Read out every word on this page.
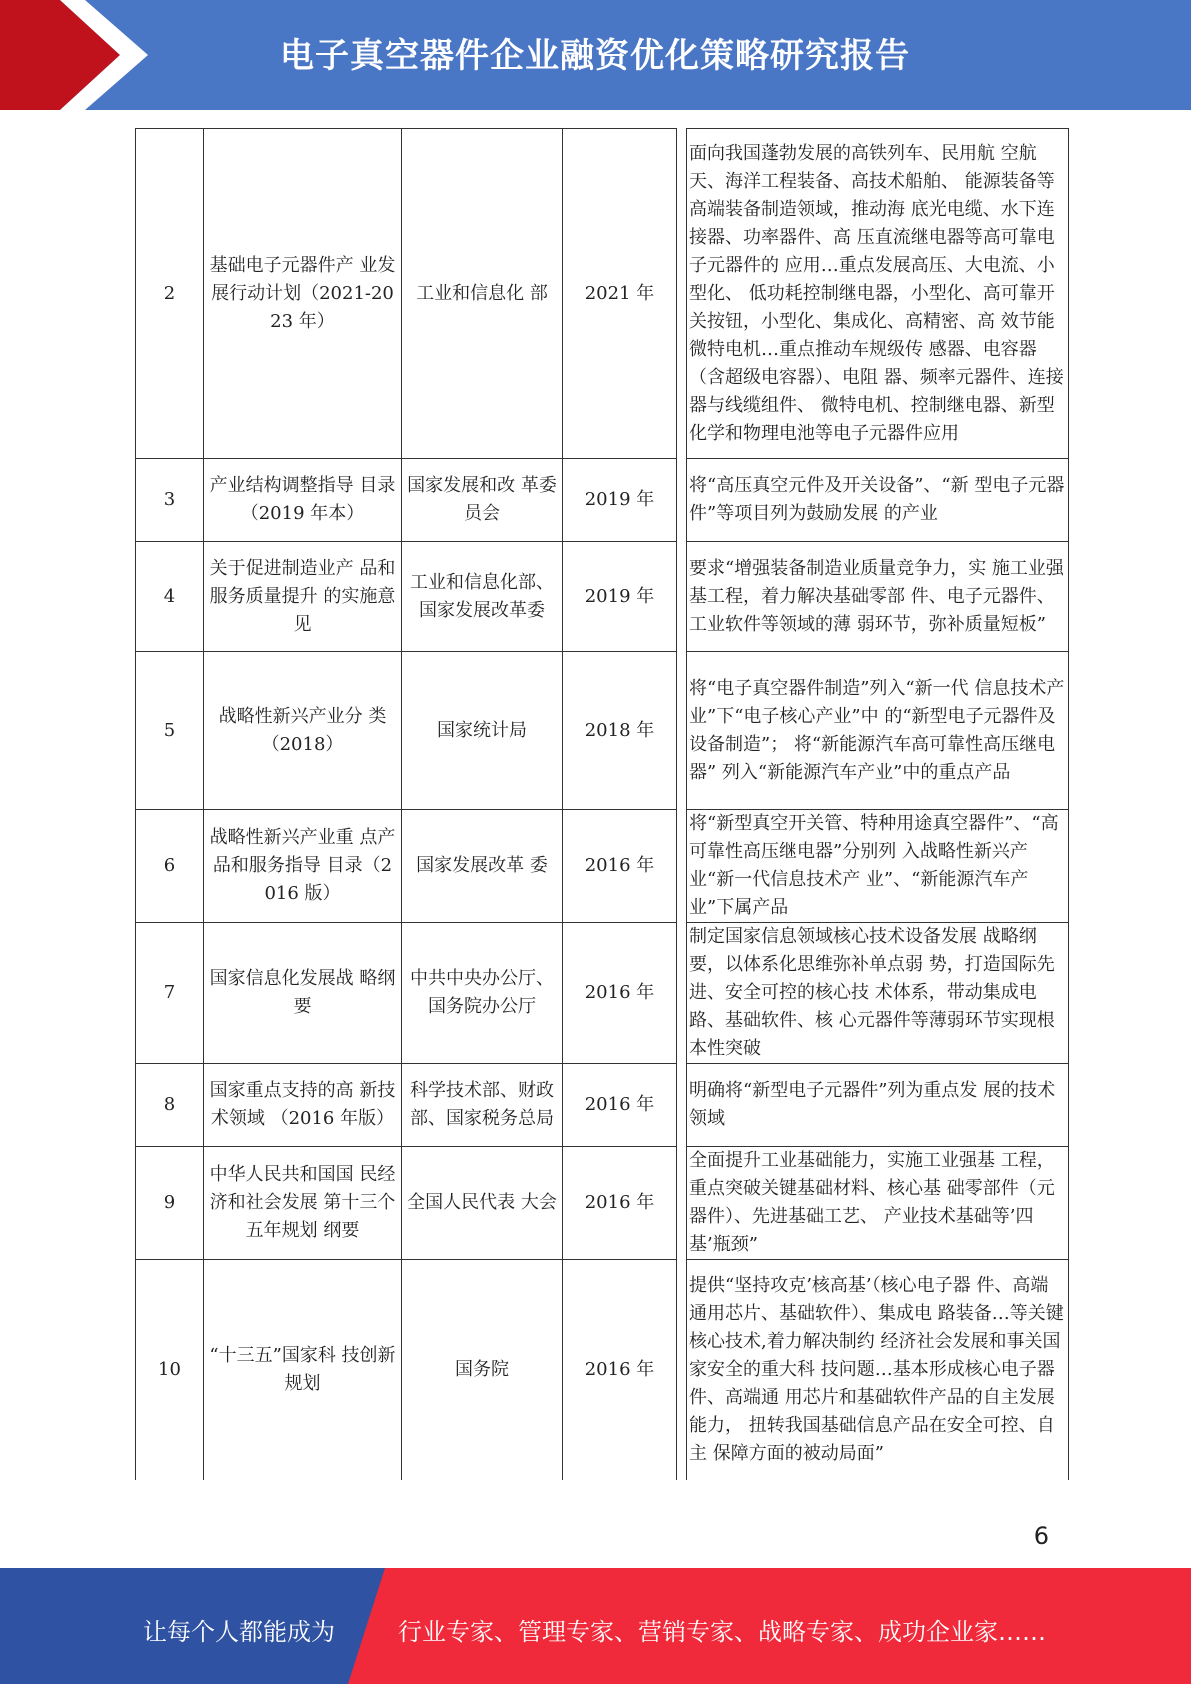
电子真空器件企业融资优化策略研究报告
2	基础电子元器件产 业发展行动计划（2021-2023 年）	工业和信息化 部	2021 年		面向我国蓬勃发展的高铁列车、民用航 空航天、海洋工程装备、高技术船舶、 能源装备等高端装备制造领域，推动海 底光电缆、水下连接器、功率器件、高 压直流继电器等高可靠电子元器件的 应用…重点发展高压、大电流、小型化、 低功耗控制继电器，小型化、高可靠开 关按钮，小型化、集成化、高精密、高 效节能微特电机…重点推动车规级传 感器、电容器（含超级电容器）、电阻 器、频率元器件、连接器与线缆组件、 微特电机、控制继电器、新型化学和物理电池等电子元器件应用
3	产业结构调整指导 目录（2019 年本）	国家发展和改 革委员会	2019 年		将“高压真空元件及开关设备”、“新 型电子元器件”等项目列为鼓励发展 的产业
4	关于促进制造业产 品和服务质量提升 的实施意见	工业和信息化部、国家发展改革委	2019 年		要求“增强装备制造业质量竞争力，实 施工业强基工程，着力解决基础零部 件、电子元器件、工业软件等领域的薄 弱环节，弥补质量短板”
5	战略性新兴产业分 类（2018）	国家统计局	2018 年		将“电子真空器件制造”列入“新一代 信息技术产业”下“电子核心产业”中 的“新型电子元器件及设备制造”； 将“新能源汽车高可靠性高压继电器” 列入“新能源汽车产业”中的重点产品
6	战略性新兴产业重 点产品和服务指导 目录（2016 版）	国家发展改革 委	2016 年		将“新型真空开关管、特种用途真空器件”、“高可靠性高压继电器”分别列 入战略性新兴产业“新一代信息技术产 业”、“新能源汽车产业”下属产品
7	国家信息化发展战 略纲要	中共中央办公厅、国务院办公厅	2016 年		制定国家信息领域核心技术设备发展 战略纲要，以体系化思维弥补单点弱 势，打造国际先进、安全可控的核心技 术体系，带动集成电路、基础软件、核 心元器件等薄弱环节实现根本性突破
8	国家重点支持的高 新技术领域 （2016 年版）	科学技术部、财政部、国家税务总局	2016 年		明确将“新型电子元器件”列为重点发 展的技术领域
9	中华人民共和国国 民经济和社会发展 第十三个五年规划 纲要	全国人民代表 大会	2016 年		全面提升工业基础能力，实施工业强基 工程，重点突破关键基础材料、核心基 础零部件（元器件）、先进基础工艺、 产业技术基础等’四基’瓶颈”
10	“十三五”国家科 技创新规划	国务院	2016 年		提供“坚持攻克’核高基’（核心电子器 件、高端通用芯片、基础软件）、集成电 路装备…等关键核心技术,着力解决制约 经济社会发展和事关国家安全的重大科 技问题…基本形成核心电子器件、高端通 用芯片和基础软件产品的自主发展能力， 扭转我国基础信息产品在安全可控、自主 保障方面的被动局面”
6
让每个人都能成为	行业专家、管理专家、营销专家、战略专家、成功企业家……
